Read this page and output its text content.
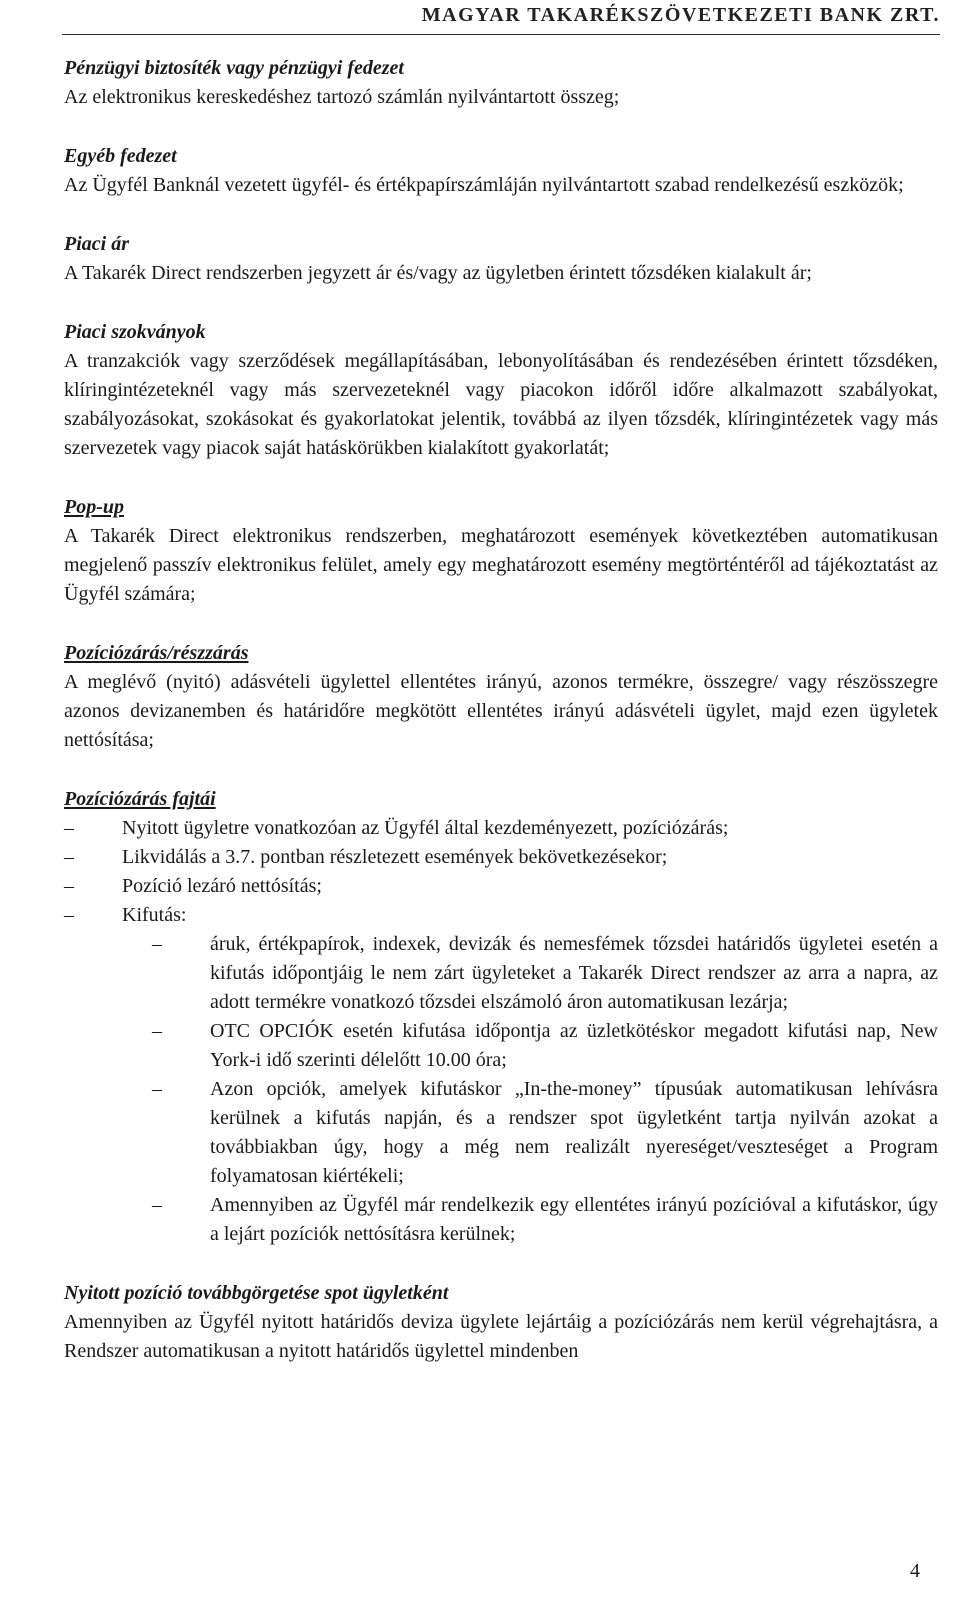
MAGYAR TAKARÉKSZÖVETKEZETI BANK ZRT.

Pénzügyi biztosíték vagy pénzügyi fedezet

Az elektronikus kereskedéshez tartozó számlán nyilvántartott összeg;

Egyéb fedezet

Az Ügyfél Banknál vezetett ügyfél- és értékpapírszámláján nyilvántartott szabad rendelkezésű eszközök;

Piaci ár

A Takarék Direct rendszerben jegyzett ár és/vagy az ügyletben érintett tőzsdéken kialakult ár;

Piaci szokványok

A tranzakciók vagy szerződések megállapításában, lebonyolításában és rendezésében érintett tőzsdéken, klíringintézeteknél vagy más szervezeteknél vagy piacokon időről időre alkalmazott szabályokat, szabályozásokat, szokásokat és gyakorlatokat jelentik, továbbá az ilyen tőzsdék, klíringintézetek vagy más szervezetek vagy piacok saját hatáskörükben kialakított gyakorlatát;

Pop-up

A Takarék Direct elektronikus rendszerben, meghatározott események következtében automatikusan megjelenő passzív elektronikus felület, amely egy meghatározott esemény megtörténtéről ad tájékoztatást az Ügyfél számára;

Pozíciózárás/részzárás

A meglévő (nyitó) adásvételi ügylettel ellentétes irányú, azonos termékre, összegre/ vagy részösszegre azonos devizanemben és határidőre megkötött ellentétes irányú adásvételi ügylet, majd ezen ügyletek nettósítása;

Pozíciózárás fajtái

– Nyitott ügyletre vonatkozóan az Ügyfél által kezdeményezett, pozíciózárás;
– Likvidálás a 3.7. pontban részletezett események bekövetkezésekor;
– Pozíció lezáró nettósítás;
– Kifutás:
– áruk, értékpapírok, indexek, devizák és nemesfémek tőzsdei határidős ügyletei esetén a kifutás időpontjáig le nem zárt ügyleteket a Takarék Direct rendszer az arra a napra, az adott termékre vonatkozó tőzsdei elszámoló áron automatikusan lezárja;
– OTC OPCIÓK esetén kifutása időpontja az üzletkötéskor megadott kifutási nap, New York-i idő szerinti délelőtt 10.00 óra;
– Azon opciók, amelyek kifutáskor „In-the-money” típusúak automatikusan lehívásra kerülnek a kifutás napján, és a rendszer spot ügyletként tartja nyilván azokat a továbbiakban úgy, hogy a még nem realizált nyereséget/veszteséget a Program folyamatosan kiértékeli;
– Amennyiben az Ügyfél már rendelkezik egy ellentétes irányú pozícióval a kifutáskor, úgy a lejárt pozíciók nettósításra kerülnek;

Nyitott pozíció továbbgörgetése spot ügyletként

Amennyiben az Ügyfél nyitott határidős deviza ügylete lejártáig a pozíciózárás nem kerül végrehajtásra, a Rendszer automatikusan a nyitott határidős ügylettel mindenben

4
